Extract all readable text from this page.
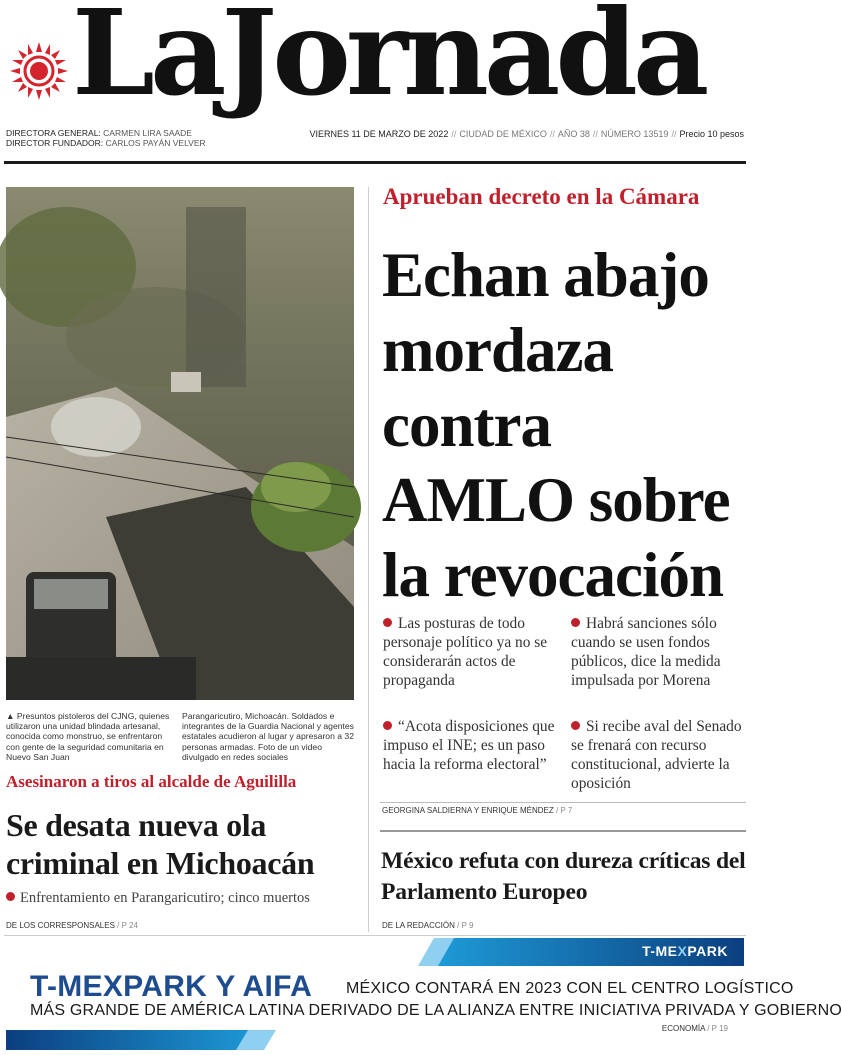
LaJornada
DIRECTORA GENERAL: CARMEN LIRA SAADE
DIRECTOR FUNDADOR: CARLOS PAYÁN VELVER
VIERNES 11 DE MARZO DE 2022 // CIUDAD DE MÉXICO // AÑO 38 // NÚMERO 13519 // Precio 10 pesos
▲ Presuntos pistoleros del CJNG, quienes utilizaron una unidad blindada artesanal, conocida como monstruo, se enfrentaron con gente de la seguridad comunitaria en Nuevo San Juan
Parangaricutiro, Michoacán. Soldados e integrantes de la Guardia Nacional y agentes estatales acudieron al lugar y apresaron a 32 personas armadas. Foto de un video divulgado en redes sociales
Asesinaron a tiros al alcalde de Aguililla
Se desata nueva ola criminal en Michoacán
Enfrentamiento en Parangaricutiro; cinco muertos
DE LOS CORRESPONSALES / P 24
Aprueban decreto en la Cámara
Echan abajo mordaza contra AMLO sobre la revocación
Las posturas de todo personaje político ya no se considerarán actos de propaganda
Habrá sanciones sólo cuando se usen fondos públicos, dice la medida impulsada por Morena
“Acota disposiciones que impuso el INE; es un paso hacia la reforma electoral”
Si recibe aval del Senado se frenará con recurso constitucional, advierte la oposición
GEORGINA SALDIERNA Y ENRIQUE MÉNDEZ / P 7
México refuta con dureza críticas del Parlamento Europeo
DE LA REDACCIÓN / P 9
T-MEXPARK
T-MEXPARK Y AIFA MÉXICO CONTARÁ EN 2023 CON EL CENTRO LOGÍSTICO
MÁS GRANDE DE AMÉRICA LATINA DERIVADO DE LA ALIANZA ENTRE INICIATIVA PRIVADA Y GOBIERNO
ECONOMÍA / P 19
